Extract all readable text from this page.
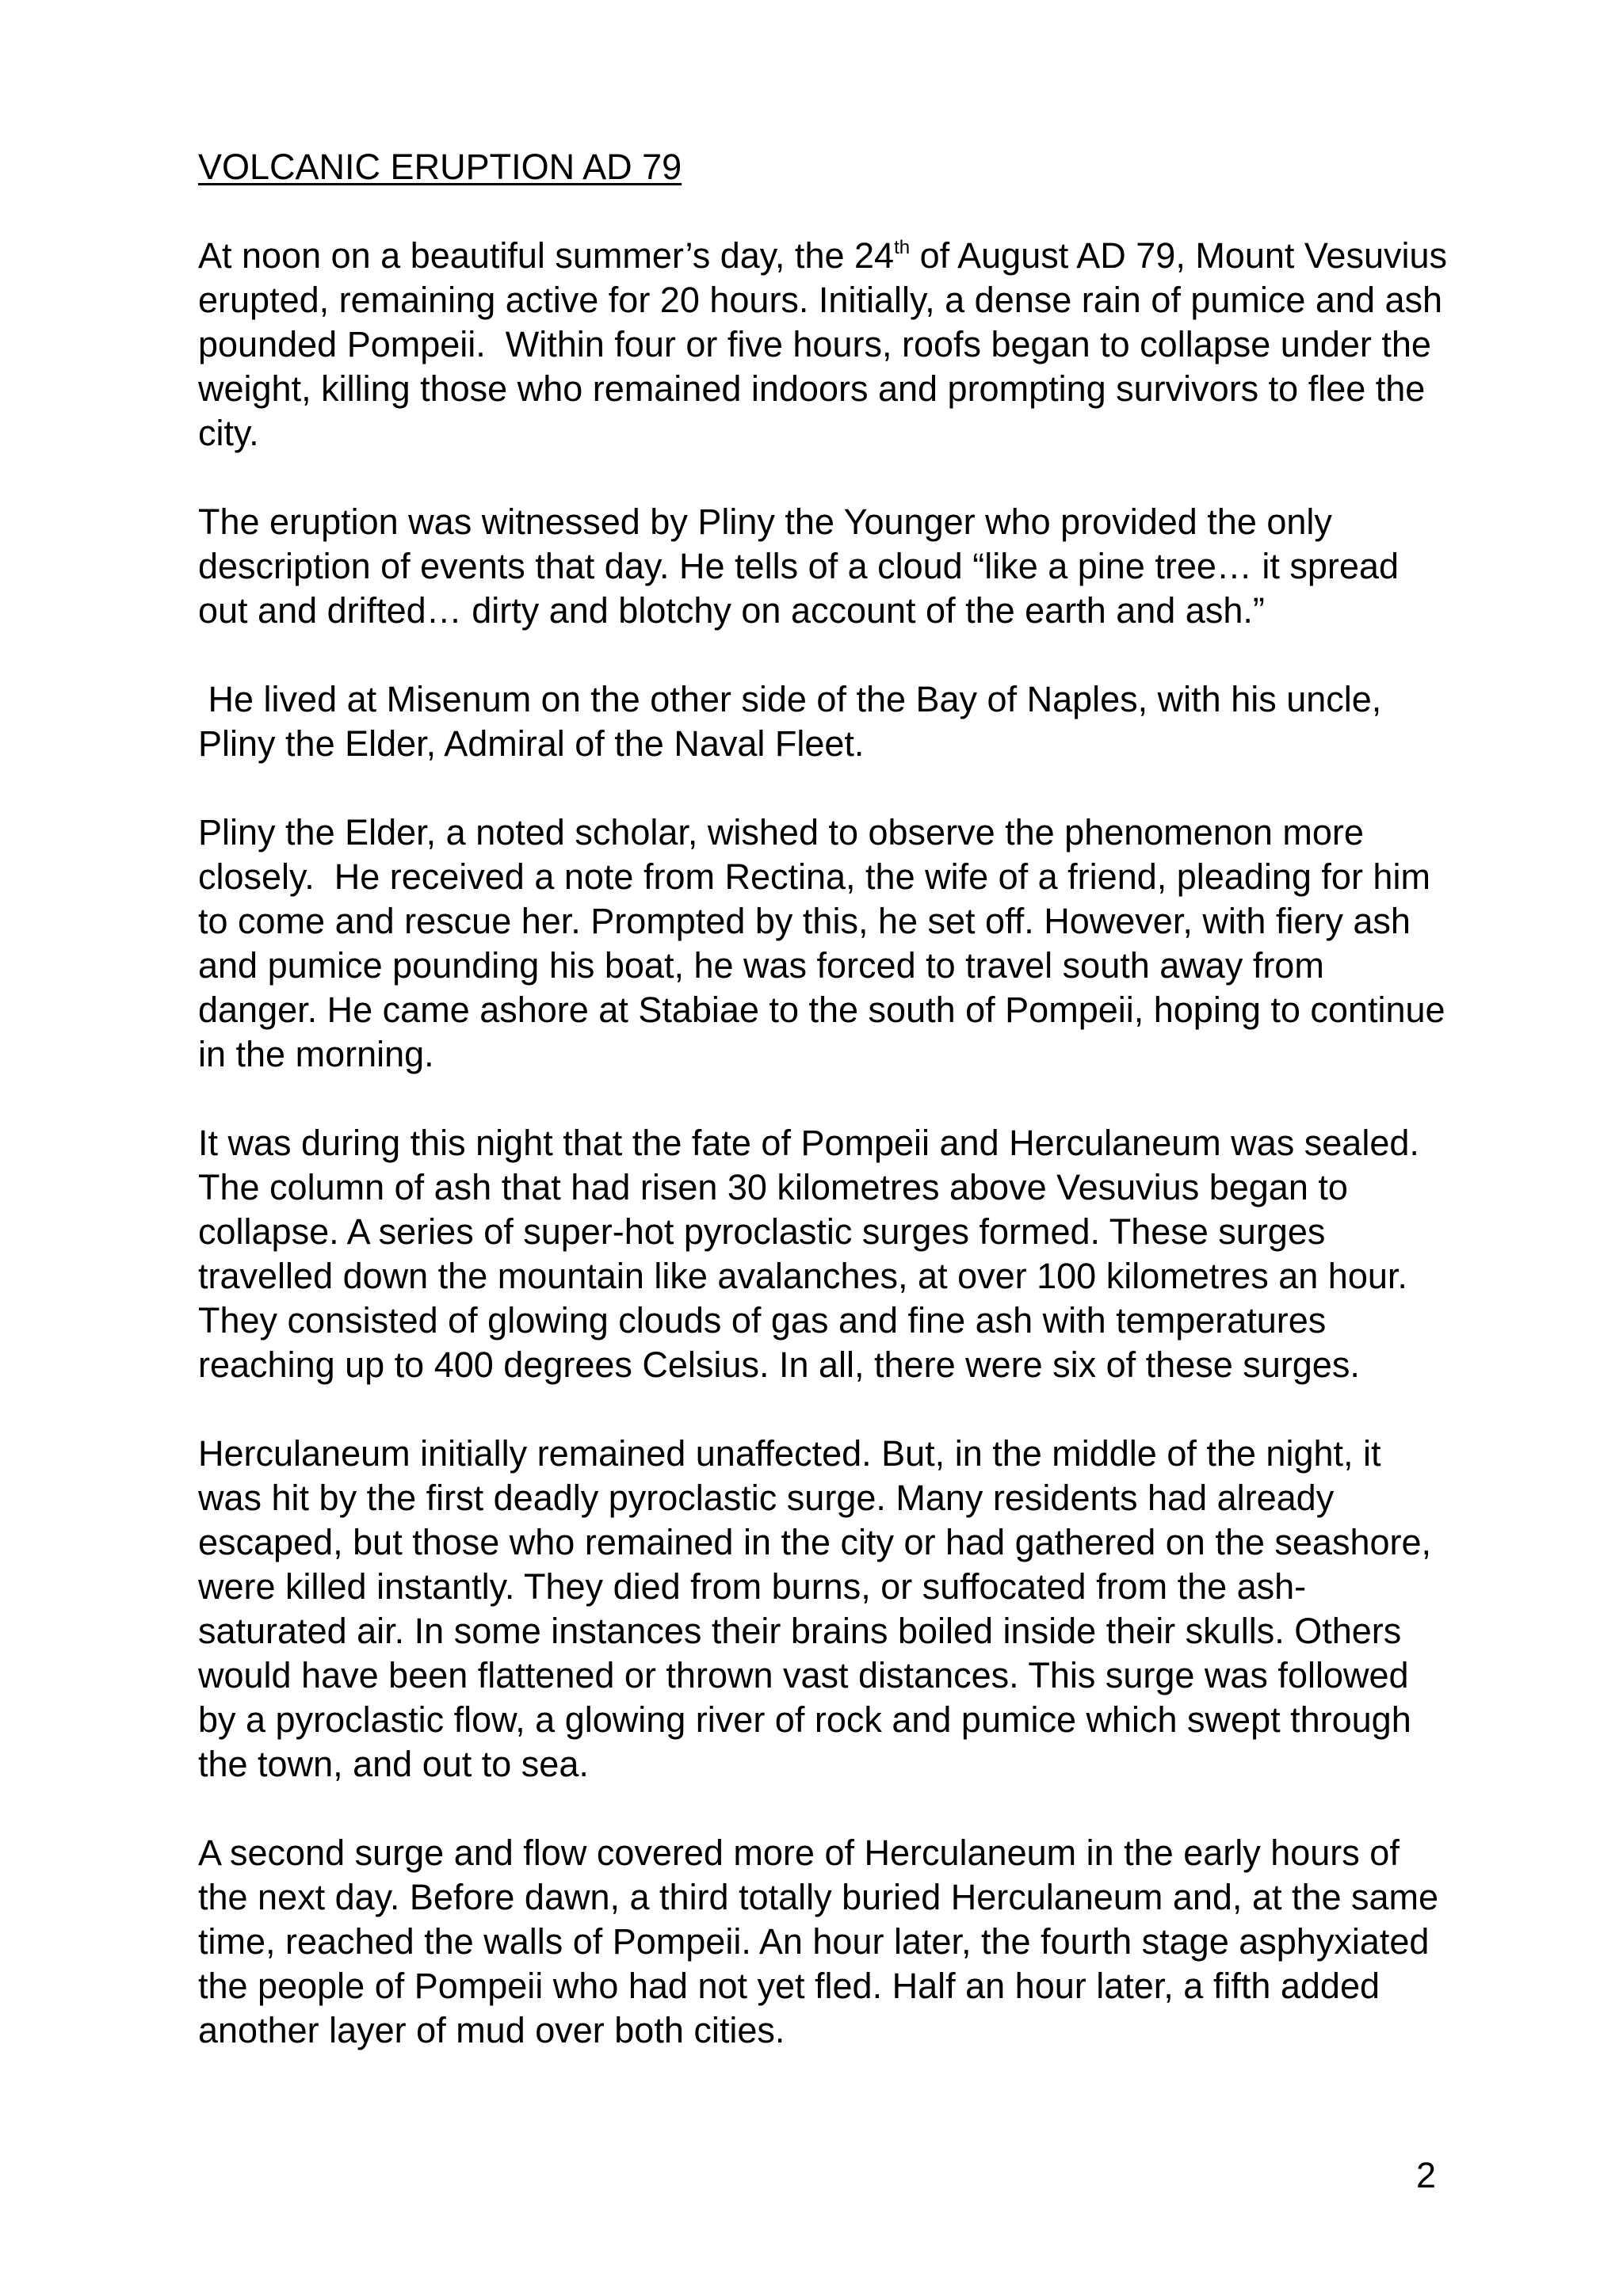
VOLCANIC ERUPTION AD 79

At noon on a beautiful summer’s day, the 24th of August AD 79, Mount Vesuvius erupted, remaining active for 20 hours. Initially, a dense rain of pumice and ash pounded Pompeii.  Within four or five hours, roofs began to collapse under the weight, killing those who remained indoors and prompting survivors to flee the city.

The eruption was witnessed by Pliny the Younger who provided the only description of events that day. He tells of a cloud “like a pine tree… it spread out and drifted… dirty and blotchy on account of the earth and ash.”

He lived at Misenum on the other side of the Bay of Naples, with his uncle, Pliny the Elder, Admiral of the Naval Fleet.

Pliny the Elder, a noted scholar, wished to observe the phenomenon more closely.  He received a note from Rectina, the wife of a friend, pleading for him to come and rescue her. Prompted by this, he set off. However, with fiery ash and pumice pounding his boat, he was forced to travel south away from danger. He came ashore at Stabiae to the south of Pompeii, hoping to continue in the morning.

It was during this night that the fate of Pompeii and Herculaneum was sealed. The column of ash that had risen 30 kilometres above Vesuvius began to collapse. A series of super-hot pyroclastic surges formed. These surges travelled down the mountain like avalanches, at over 100 kilometres an hour. They consisted of glowing clouds of gas and fine ash with temperatures reaching up to 400 degrees Celsius. In all, there were six of these surges.

Herculaneum initially remained unaffected. But, in the middle of the night, it was hit by the first deadly pyroclastic surge. Many residents had already escaped, but those who remained in the city or had gathered on the seashore, were killed instantly. They died from burns, or suffocated from the ash-saturated air. In some instances their brains boiled inside their skulls. Others would have been flattened or thrown vast distances. This surge was followed by a pyroclastic flow, a glowing river of rock and pumice which swept through the town, and out to sea.

A second surge and flow covered more of Herculaneum in the early hours of the next day. Before dawn, a third totally buried Herculaneum and, at the same time, reached the walls of Pompeii. An hour later, the fourth stage asphyxiated the people of Pompeii who had not yet fled. Half an hour later, a fifth added another layer of mud over both cities.

2
